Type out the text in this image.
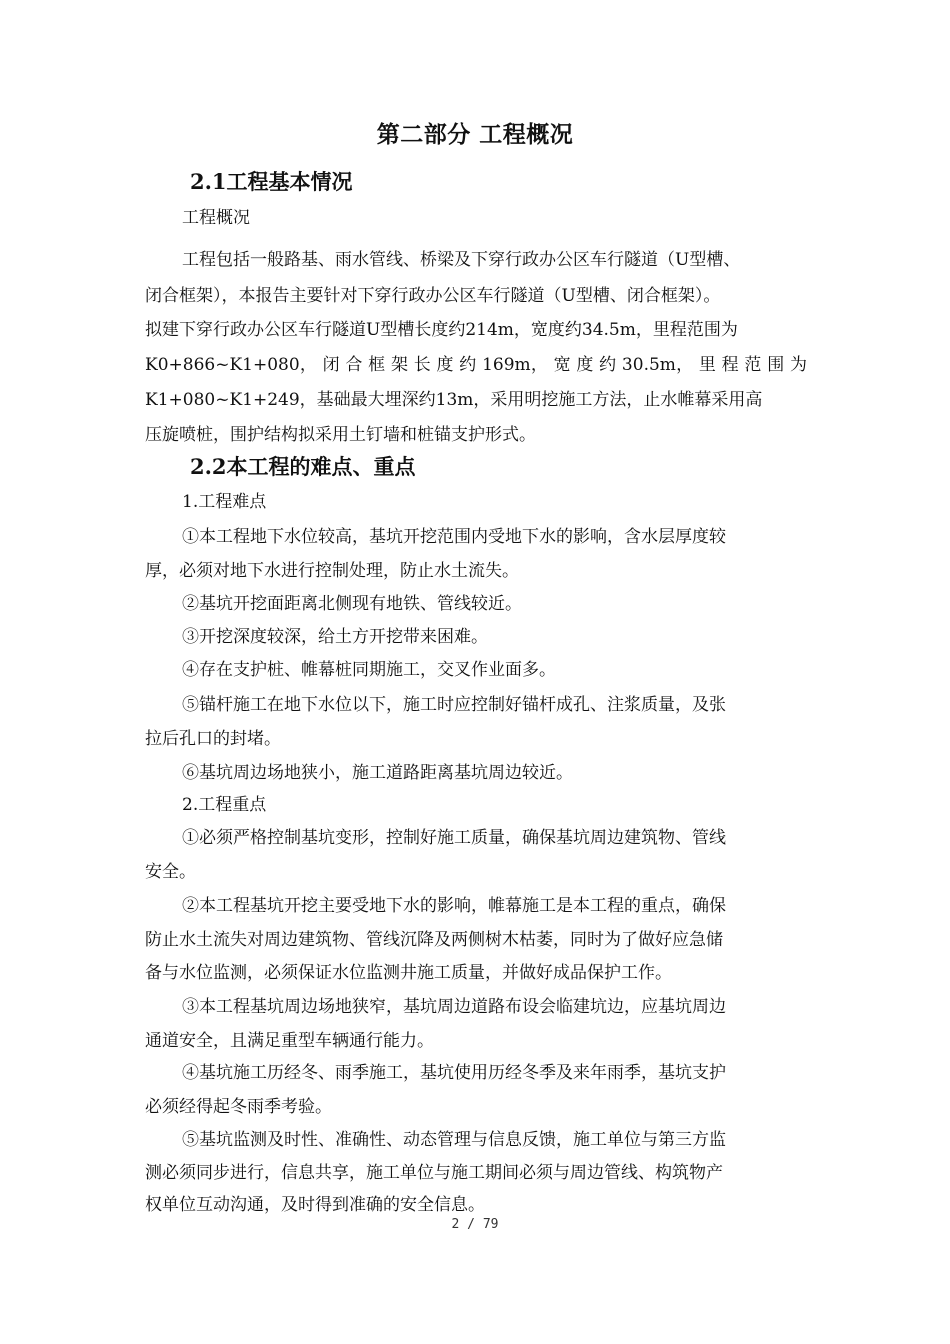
第二部分 工程概况
2.1工程基本情况
工程概况
工程包括一般路基、雨水管线、桥梁及下穿行政办公区车行隧道（U型槽、
闭合框架），本报告主要针对下穿行政办公区车行隧道（U型槽、闭合框架）。
拟建下穿行政办公区车行隧道U型槽长度约214m，宽度约34.5m，里程范围为
K0+866~K1+080， 闭 合 框 架 长 度 约 169m， 宽 度 约 30.5m， 里 程 范 围 为
K1+080~K1+249，基础最大埋深约13m，采用明挖施工方法，止水帷幕采用高
压旋喷桩，围护结构拟采用土钉墙和桩锚支护形式。
2.2本工程的难点、重点
1.工程难点
①本工程地下水位较高，基坑开挖范围内受地下水的影响，含水层厚度较
厚，必须对地下水进行控制处理，防止水土流失。
②基坑开挖面距离北侧现有地铁、管线较近。
③开挖深度较深，给土方开挖带来困难。
④存在支护桩、帷幕桩同期施工，交叉作业面多。
⑤锚杆施工在地下水位以下，施工时应控制好锚杆成孔、注浆质量，及张
拉后孔口的封堵。
⑥基坑周边场地狭小，施工道路距离基坑周边较近。
2.工程重点
①必须严格控制基坑变形，控制好施工质量，确保基坑周边建筑物、管线
安全。
②本工程基坑开挖主要受地下水的影响，帷幕施工是本工程的重点，确保
防止水土流失对周边建筑物、管线沉降及两侧树木枯萎，同时为了做好应急储
备与水位监测，必须保证水位监测井施工质量，并做好成品保护工作。
③本工程基坑周边场地狭窄，基坑周边道路布设会临建坑边，应基坑周边
通道安全，且满足重型车辆通行能力。
④基坑施工历经冬、雨季施工，基坑使用历经冬季及来年雨季，基坑支护
必须经得起冬雨季考验。
⑤基坑监测及时性、准确性、动态管理与信息反馈，施工单位与第三方监
测必须同步进行，信息共享，施工单位与施工期间必须与周边管线、构筑物产
权单位互动沟通，及时得到准确的安全信息。
2 / 79
